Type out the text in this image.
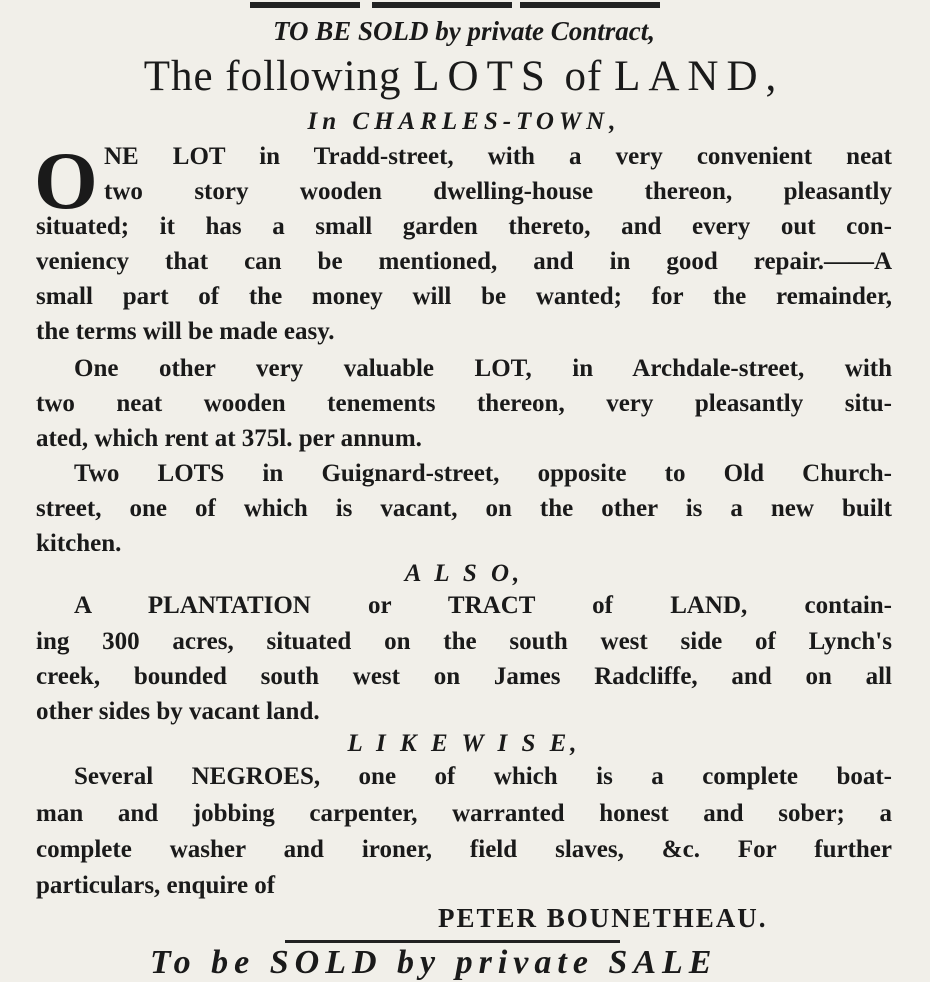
TO BE SOLD by private Contract,
The following LOTS of LAND,
In CHARLES-TOWN,
O NE LOT in Tradd-street, with a very convenient neat
two story wooden dwelling-house thereon, pleasantly
situated; it has a small garden thereto, and every out con-
veniency that can be mentioned, and in good repair.——A
small part of the money will be wanted; for the remainder,
the terms will be made easy.
One other very valuable LOT, in Archdale-street, with
two neat wooden tenements thereon, very pleasantly situ-
ated, which rent at 375l. per annum.
Two LOTS in Guignard-street, opposite to Old Church-
street, one of which is vacant, on the other is a new built
kitchen.
A L S O,
A PLANTATION or TRACT of LAND, contain-
ing 300 acres, situated on the south west side of Lynch's
creek, bounded south west on James Radcliffe, and on all
other sides by vacant land.
L I K E W I S E,
Several NEGROES, one of which is a complete boat-
man and jobbing carpenter, warranted honest and sober; a
complete washer and ironer, field slaves, &c. For further
particulars, enquire of
PETER BOUNETHEAU.
To be SOLD by private SALE
